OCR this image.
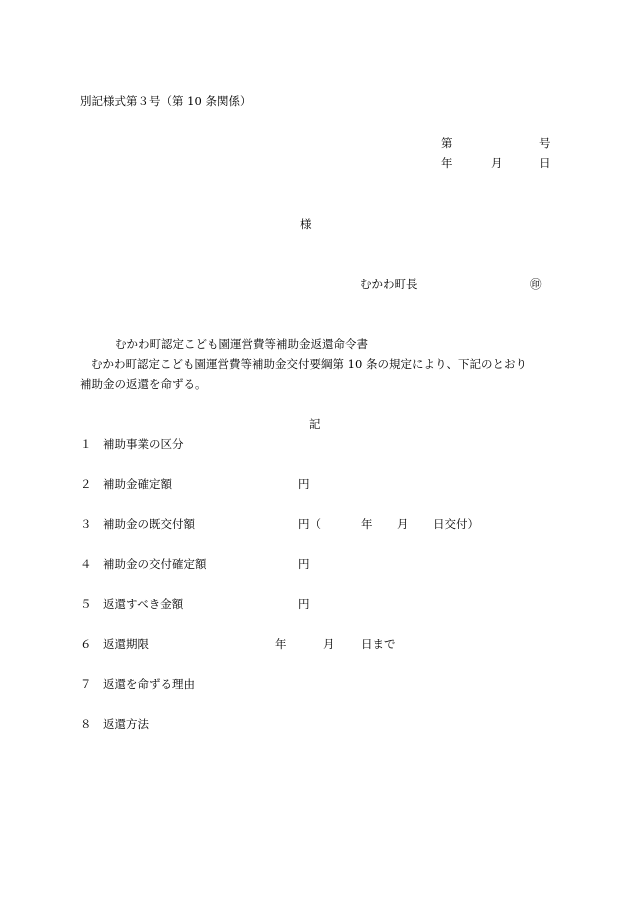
別記様式第３号（第 10 条関係）
第	号
年	月	日
様
むかわ町長	㊞
むかわ町認定こども園運営費等補助金返還命令書
むかわ町認定こども園運営費等補助金交付要綱第 10 条の規定により、下記のとおり
補助金の返還を命ずる。
記
１ 補助事業の区分
２ 補助金確定額	円
３ 補助金の既交付額	円（	年 月 日交付）
４ 補助金の交付確定額	円
５ 返還すべき金額	円
６ 返還期限	年	月 日まで
７ 返還を命ずる理由
８ 返還方法
